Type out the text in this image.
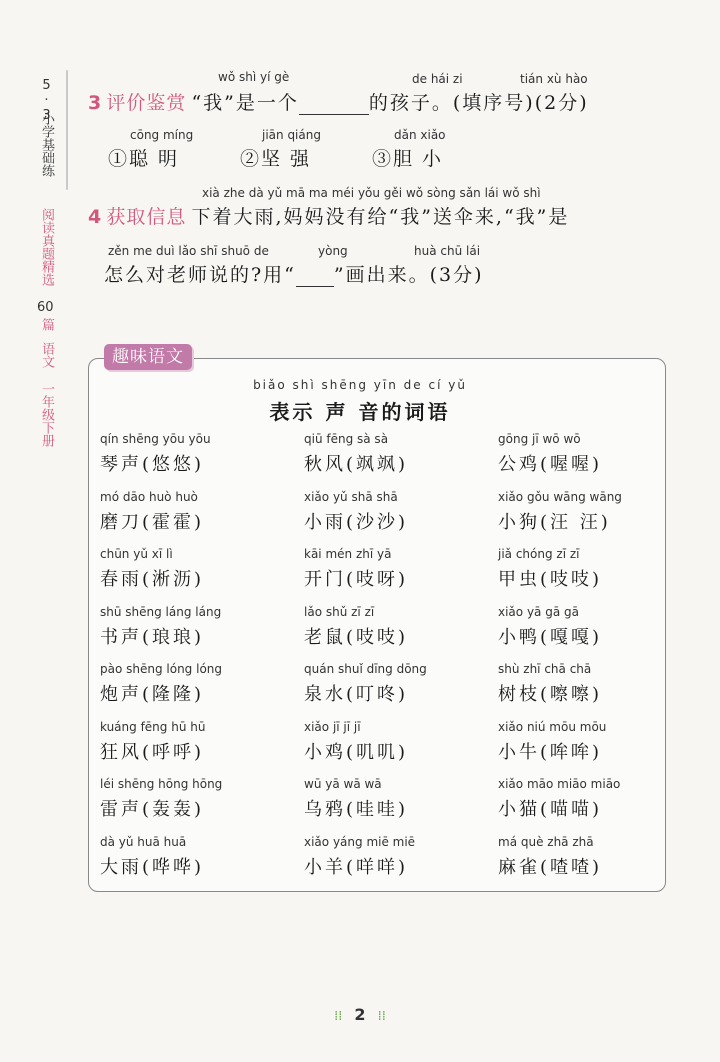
5·3
小学基础练
阅读真题精选
60
篇
语文
一年级下册
wǒ shì yí gè	de hái zi	tián xù hào
3 评价鉴赏 “我”是一个	的孩子。(填序号)(2分)
cōng míng	jiān qiáng	dǎn xiǎo
①聪 明	②坚 强	③胆 小
xià zhe dà yǔ mā ma méi yǒu gěi wǒ sòng sǎn lái wǒ shì
4 获取信息 下着大雨,妈妈没有给“我”送伞来,“我”是
zěn me duì lǎo shī shuō de	yòng	huà chū lái
怎么对老师说的?用“ ”画出来。(3分)
趣味语文
biǎo shì shēng yīn de cí yǔ
表示 声 音的词语
qín shēng yōu yōu
琴声(悠悠)
qiū fēng sà sà
秋风(飒飒)
gōng jī wō wō
公鸡(喔喔)
mó dāo huò huò
磨刀(霍霍)
xiǎo yǔ shā shā
小雨(沙沙)
xiǎo gǒu wāng wāng
小狗(汪 汪)
chūn yǔ xī lì
春雨(淅沥)
kāi mén zhī yā
开门(吱呀)
jiǎ chóng zī zī
甲虫(吱吱)
shū shēng láng láng
书声(琅琅)
lǎo shǔ zī zī
老鼠(吱吱)
xiǎo yā gā gā
小鸭(嘎嘎)
pào shēng lóng lóng
炮声(隆隆)
quán shuǐ dīng dōng
泉水(叮咚)
shù zhī chā chā
树枝(嚓嚓)
kuáng fēng hū hū
狂风(呼呼)
xiǎo jī jī jī
小鸡(叽叽)
xiǎo niú mōu mōu
小牛(哞哞)
léi shēng hōng hōng
雷声(轰轰)
wū yā wā wā
乌鸦(哇哇)
xiǎo māo miāo miāo
小猫(喵喵)
dà yǔ huā huā
大雨(哗哗)
xiǎo yáng miē miē
小羊(咩咩)
má què zhā zhā
麻雀(喳喳)
⁞⁞ 2 ⁞⁞
